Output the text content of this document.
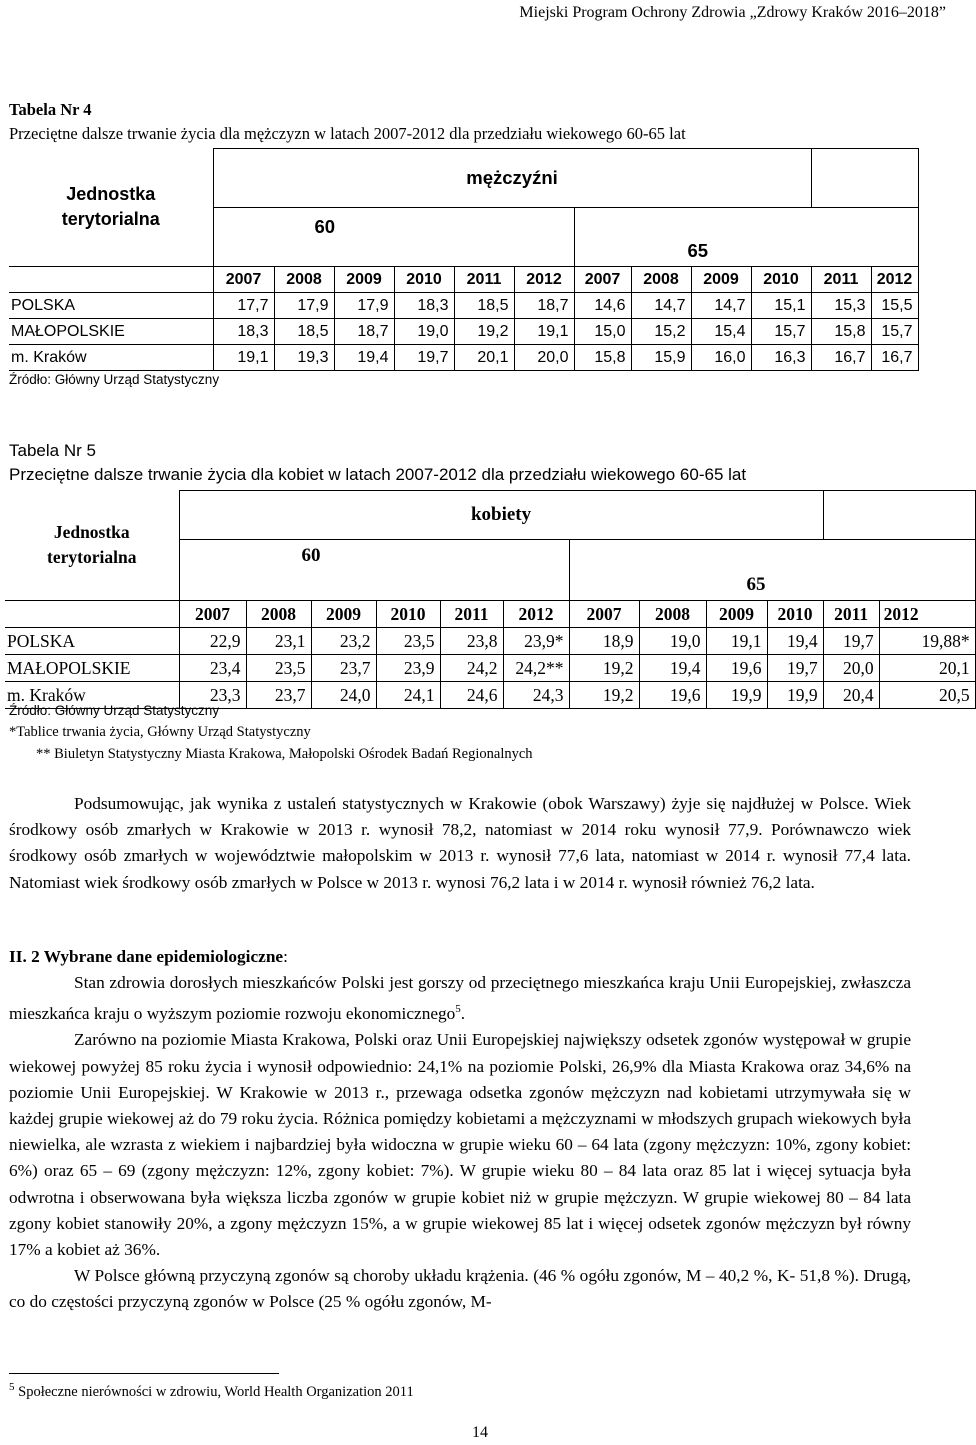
Miejski Program Ochrony Zdrowia „Zdrowy Kraków 2016–2018”
Tabela Nr 4
Przeciętne dalsze trwanie życia dla mężczyzn w latach 2007-2012 dla przedziału wiekowego 60-65 lat
Jednostka terytorialna	mężczyźni											
	60						65					
	2007	2008	2009	2010	2011	2012	2007	2008	2009	2010	2011	2012
POLSKA	17,7	17,9	17,9	18,3	18,5	18,7	14,6	14,7	14,7	15,1	15,3	15,5
MAŁOPOLSKIE	18,3	18,5	18,7	19,0	19,2	19,1	15,0	15,2	15,4	15,7	15,8	15,7
m. Kraków	19,1	19,3	19,4	19,7	20,1	20,0	15,8	15,9	16,0	16,3	16,7	16,7
Źródło: Główny Urząd Statystyczny
Tabela Nr 5
Przeciętne dalsze trwanie życia dla kobiet w latach 2007-2012 dla przedziału wiekowego 60-65 lat
Jednostka terytorialna	kobiety											
	60						65					
	2007	2008	2009	2010	2011	2012	2007	2008	2009	2010	2011	2012
POLSKA	22,9	23,1	23,2	23,5	23,8	23,9*	18,9	19,0	19,1	19,4	19,7	19,88*
MAŁOPOLSKIE	23,4	23,5	23,7	23,9	24,2	24,2**	19,2	19,4	19,6	19,7	20,0	20,1
m. Kraków	23,3	23,7	24,0	24,1	24,6	24,3	19,2	19,6	19,9	19,9	20,4	20,5
Źródło: Główny Urząd Statystyczny
*Tablice trwania życia, Główny Urząd Statystyczny
** Biuletyn Statystyczny Miasta Krakowa, Małopolski Ośrodek Badań Regionalnych

Podsumowując, jak wynika z ustaleń statystycznych w Krakowie (obok Warszawy) żyje się najdłużej w Polsce. Wiek środkowy osób zmarłych w Krakowie w 2013 r. wynosił 78,2, natomiast w 2014 roku wynosił 77,9. Porównawczo wiek środkowy osób zmarłych w województwie małopolskim w 2013 r. wynosił 77,6 lata, natomiast w 2014 r. wynosił 77,4 lata. Natomiast wiek środkowy osób zmarłych w Polsce w 2013 r. wynosi 76,2 lata i w 2014 r. wynosił również 76,2 lata.

II. 2 Wybrane dane epidemiologiczne:

Stan zdrowia dorosłych mieszkańców Polski jest gorszy od przeciętnego mieszkańca kraju Unii Europejskiej, zwłaszcza mieszkańca kraju o wyższym poziomie rozwoju ekonomicznego$^5$.

Zarówno na poziomie Miasta Krakowa, Polski oraz Unii Europejskiej największy odsetek zgonów występował w grupie wiekowej powyżej 85 roku życia i wynosił odpowiednio: 24,1% na poziomie Polski, 26,9% dla Miasta Krakowa oraz 34,6% na poziomie Unii Europejskiej. W Krakowie w 2013 r., przewaga odsetka zgonów mężczyzn nad kobietami utrzymywała się w każdej grupie wiekowej aż do 79 roku życia. Różnica pomiędzy kobietami a mężczyznami w młodszych grupach wiekowych była niewielka, ale wzrasta z wiekiem i najbardziej była widoczna w grupie wieku 60 – 64 lata (zgony mężczyzn: 10%, zgony kobiet: 6%) oraz 65 – 69 (zgony mężczyzn: 12%, zgony kobiet: 7%). W grupie wieku 80 – 84 lata oraz 85 lat i więcej sytuacja była odwrotna i obserwowana była większa liczba zgonów w grupie kobiet niż w grupie mężczyzn. W grupie wiekowej 80 – 84 lata zgony kobiet stanowiły 20%, a zgony mężczyzn 15%, a w grupie wiekowej 85 lat i więcej odsetek zgonów mężczyzn był równy 17% a kobiet aż 36%.

W Polsce główną przyczyną zgonów są choroby układu krążenia. (46 % ogółu zgonów, M – 40,2 %, K- 51,8 %). Drugą, co do częstości przyczyną zgonów w Polsce (25 % ogółu zgonów, M-

$^5$ Społeczne nierówności w zdrowiu, World Health Organization 2011
14
